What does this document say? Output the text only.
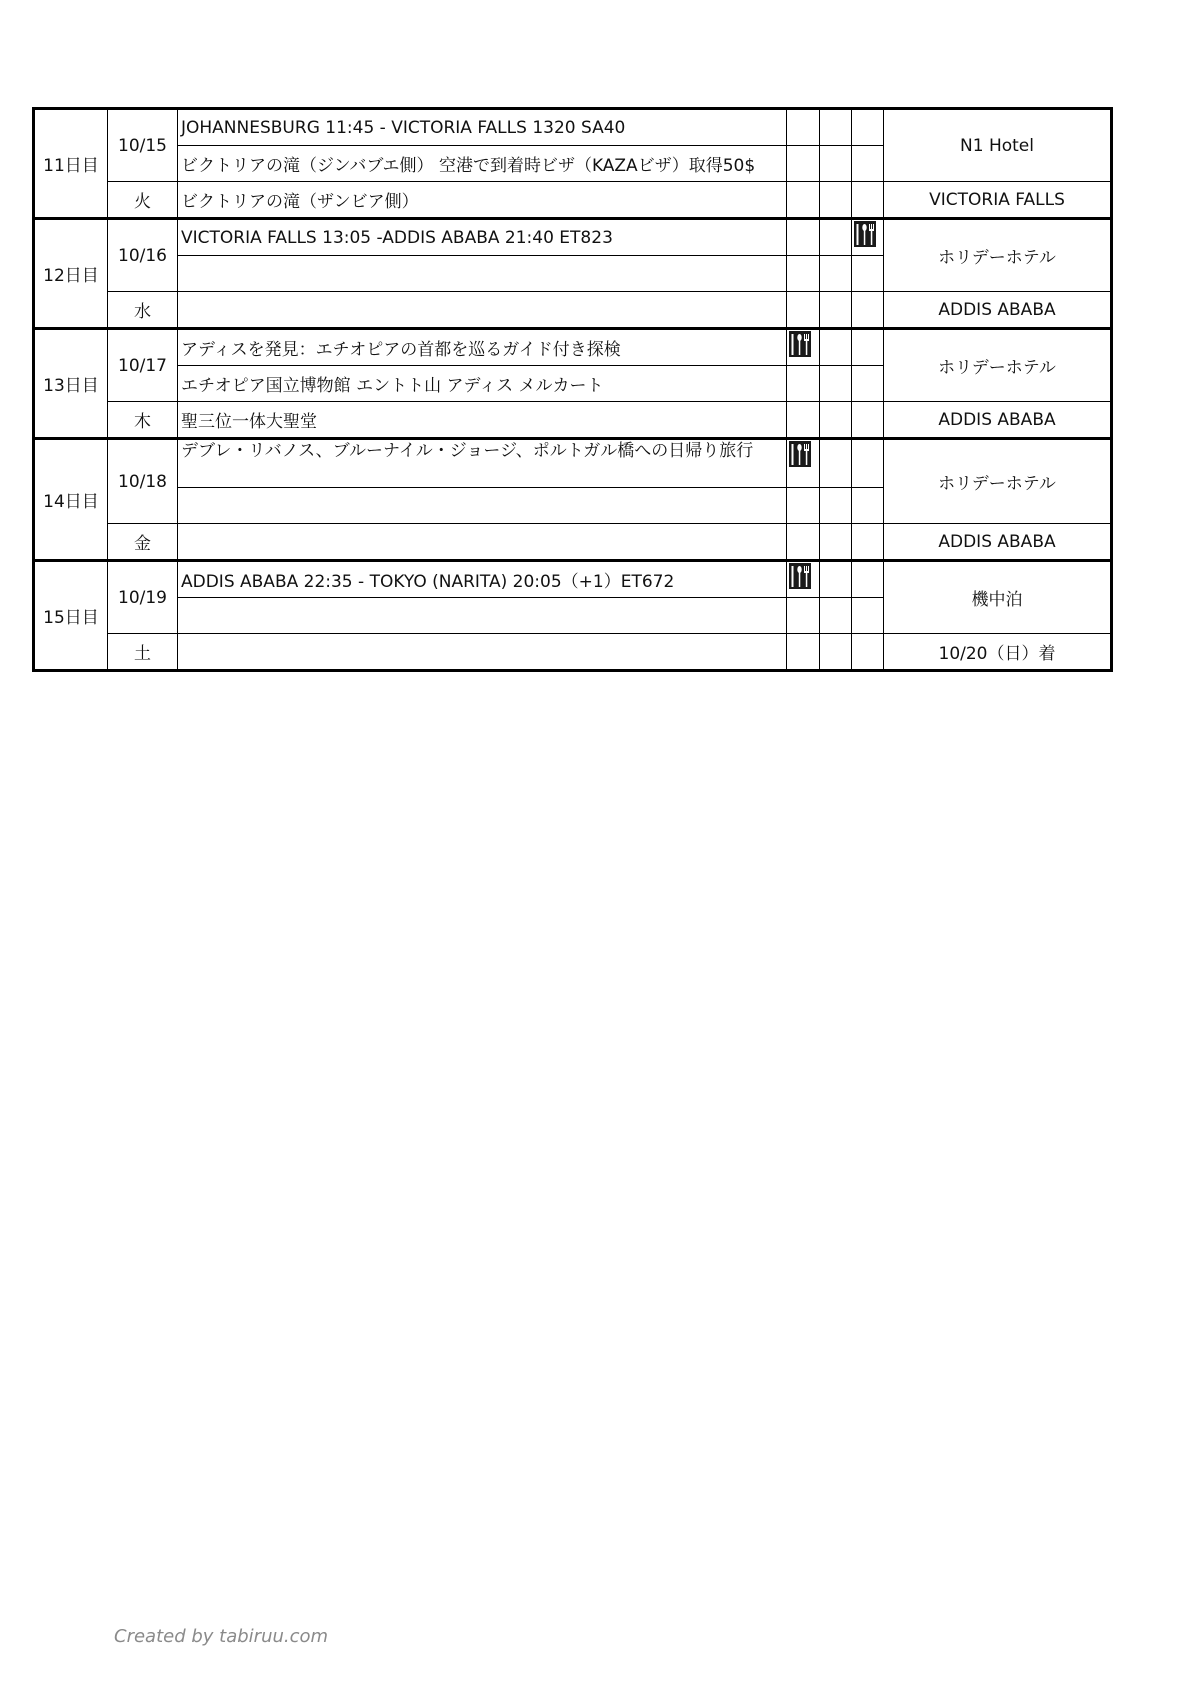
11日目	10/15	JOHANNESBURG 11:45 - VICTORIA FALLS 1320 SA40				N1 Hotel
		ビクトリアの滝（ジンバブエ側） 空港で到着時ビザ（KAZAビザ）取得50$				
	火	ビクトリアの滝（ザンビア側）				VICTORIA FALLS
12日目	10/16	VICTORIA FALLS 13:05 -ADDIS ABABA 21:40 ET823				ホリデーホテル

	水					ADDIS ABABA
13日目	10/17	アディスを発見：エチオピアの首都を巡るガイド付き探検				ホリデーホテル
		エチオピア国立博物館 エントト山 アディス メルカート				
	木	聖三位一体大聖堂				ADDIS ABABA
14日目	10/18	デブレ・リバノス、ブルーナイル・ジョージ、ポルトガル橋への日帰り旅行				ホリデーホテル

	金					ADDIS ABABA
15日目	10/19	ADDIS ABABA 22:35 - TOKYO (NARITA) 20:05（+1）ET672				機中泊

	土					10/20（日）着
Created by tabiruu.com
